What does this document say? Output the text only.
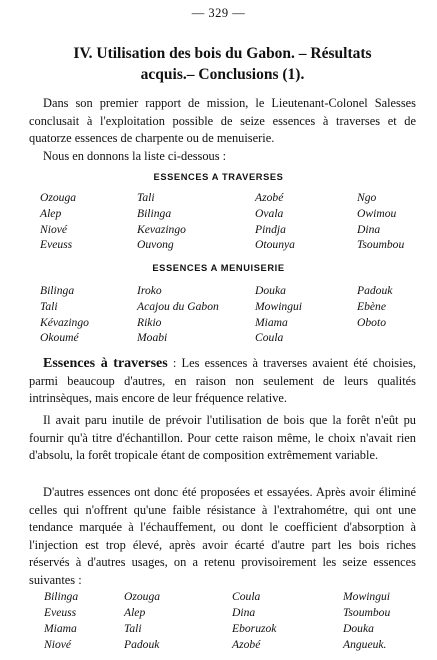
— 329 —
IV. Utilisation des bois du Gabon. – Résultats
acquis.– Conclusions (1).
Dans son premier rapport de mission, le Lieutenant-Colonel Salesses conclusait à l'exploitation possible de seize essences à traverses et de quatorze essences de charpente ou de menuiserie.
Nous en donnons la liste ci-dessous :
ESSENCES A TRAVERSES
Ozouga	Tali	Azobé	Ngo
Alep	Bilinga	Ovala	Owimou
Niové	Kevazingo	Pindja	Dina
Eveuss	Ouvong	Otounya	Tsoumbou
ESSENCES A MENUISERIE
Bilinga	Iroko	Douka	Padouk
Tali	Acajou du Gabon	Mowingui	Ebène
Kévazingo	Rikio	Miama	Oboto
Okoumé	Moabi	Coula
Essences à traverses : Les essences à traverses avaient été choisies, parmi beaucoup d'autres, en raison non seulement de leurs qualités intrinsèques, mais encore de leur fréquence relative.
Il avait paru inutile de prévoir l'utilisation de bois que la forêt n'eût pu fournir qu'à titre d'échantillon. Pour cette raison même, le choix n'avait rien d'absolu, la forêt tropicale étant de composition extrêmement variable.
D'autres essences ont donc été proposées et essayées. Après avoir éliminé celles qui n'offrent qu'une faible résistance à l'extrahométre, qui ont une tendance marquée à l'échauffement, ou dont le coefficient d'absorption à l'injection est trop élevé, après avoir écarté d'autre part les bois riches réservés à d'autres usages, on a retenu provisoirement les seize essences suivantes :
Bilinga	Ozouga	Coula	Mowingui
Eveuss	Alep	Dina	Tsoumbou
Miama	Tali	Eboruzok	Douka
Niové	Padouk	Azobé	Angueuk.
